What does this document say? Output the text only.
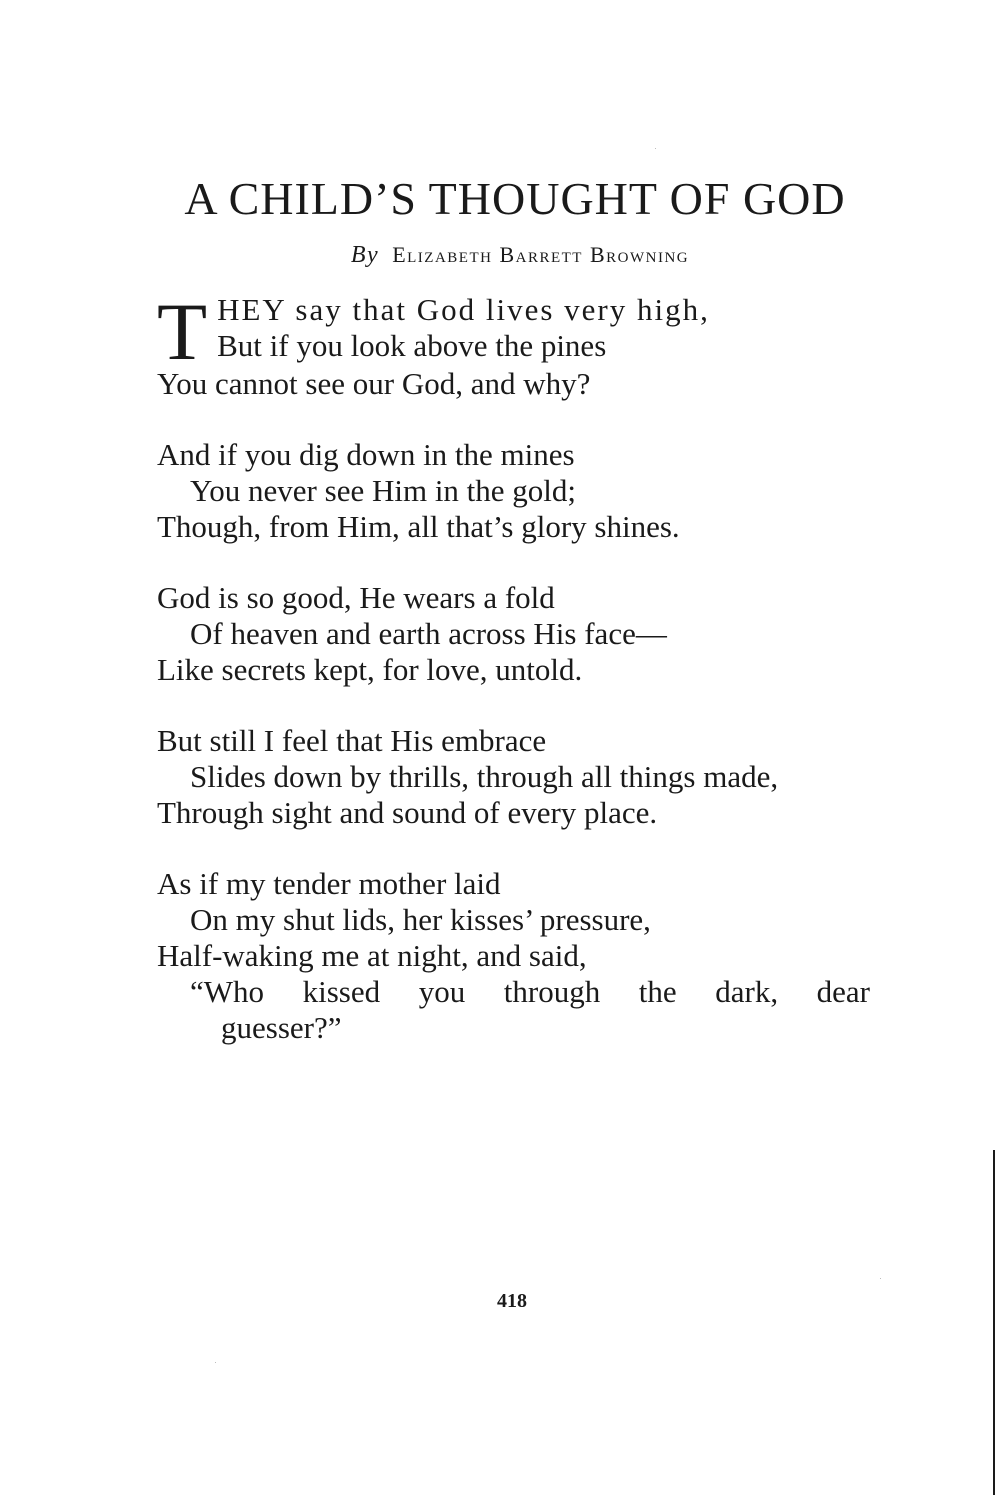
A CHILD’S THOUGHT OF GOD
By Elizabeth Barrett Browning
T HEY say that God lives very high,
But if you look above the pines
You cannot see our God, and why?
And if you dig down in the mines
You never see Him in the gold;
Though, from Him, all that’s glory shines.
God is so good, He wears a fold
Of heaven and earth across His face—
Like secrets kept, for love, untold.
But still I feel that His embrace
Slides down by thrills, through all things made,
Through sight and sound of every place.
As if my tender mother laid
On my shut lids, her kisses’ pressure,
Half-waking me at night, and said,
“Who kissed you through the dark, dear
guesser?”
418
